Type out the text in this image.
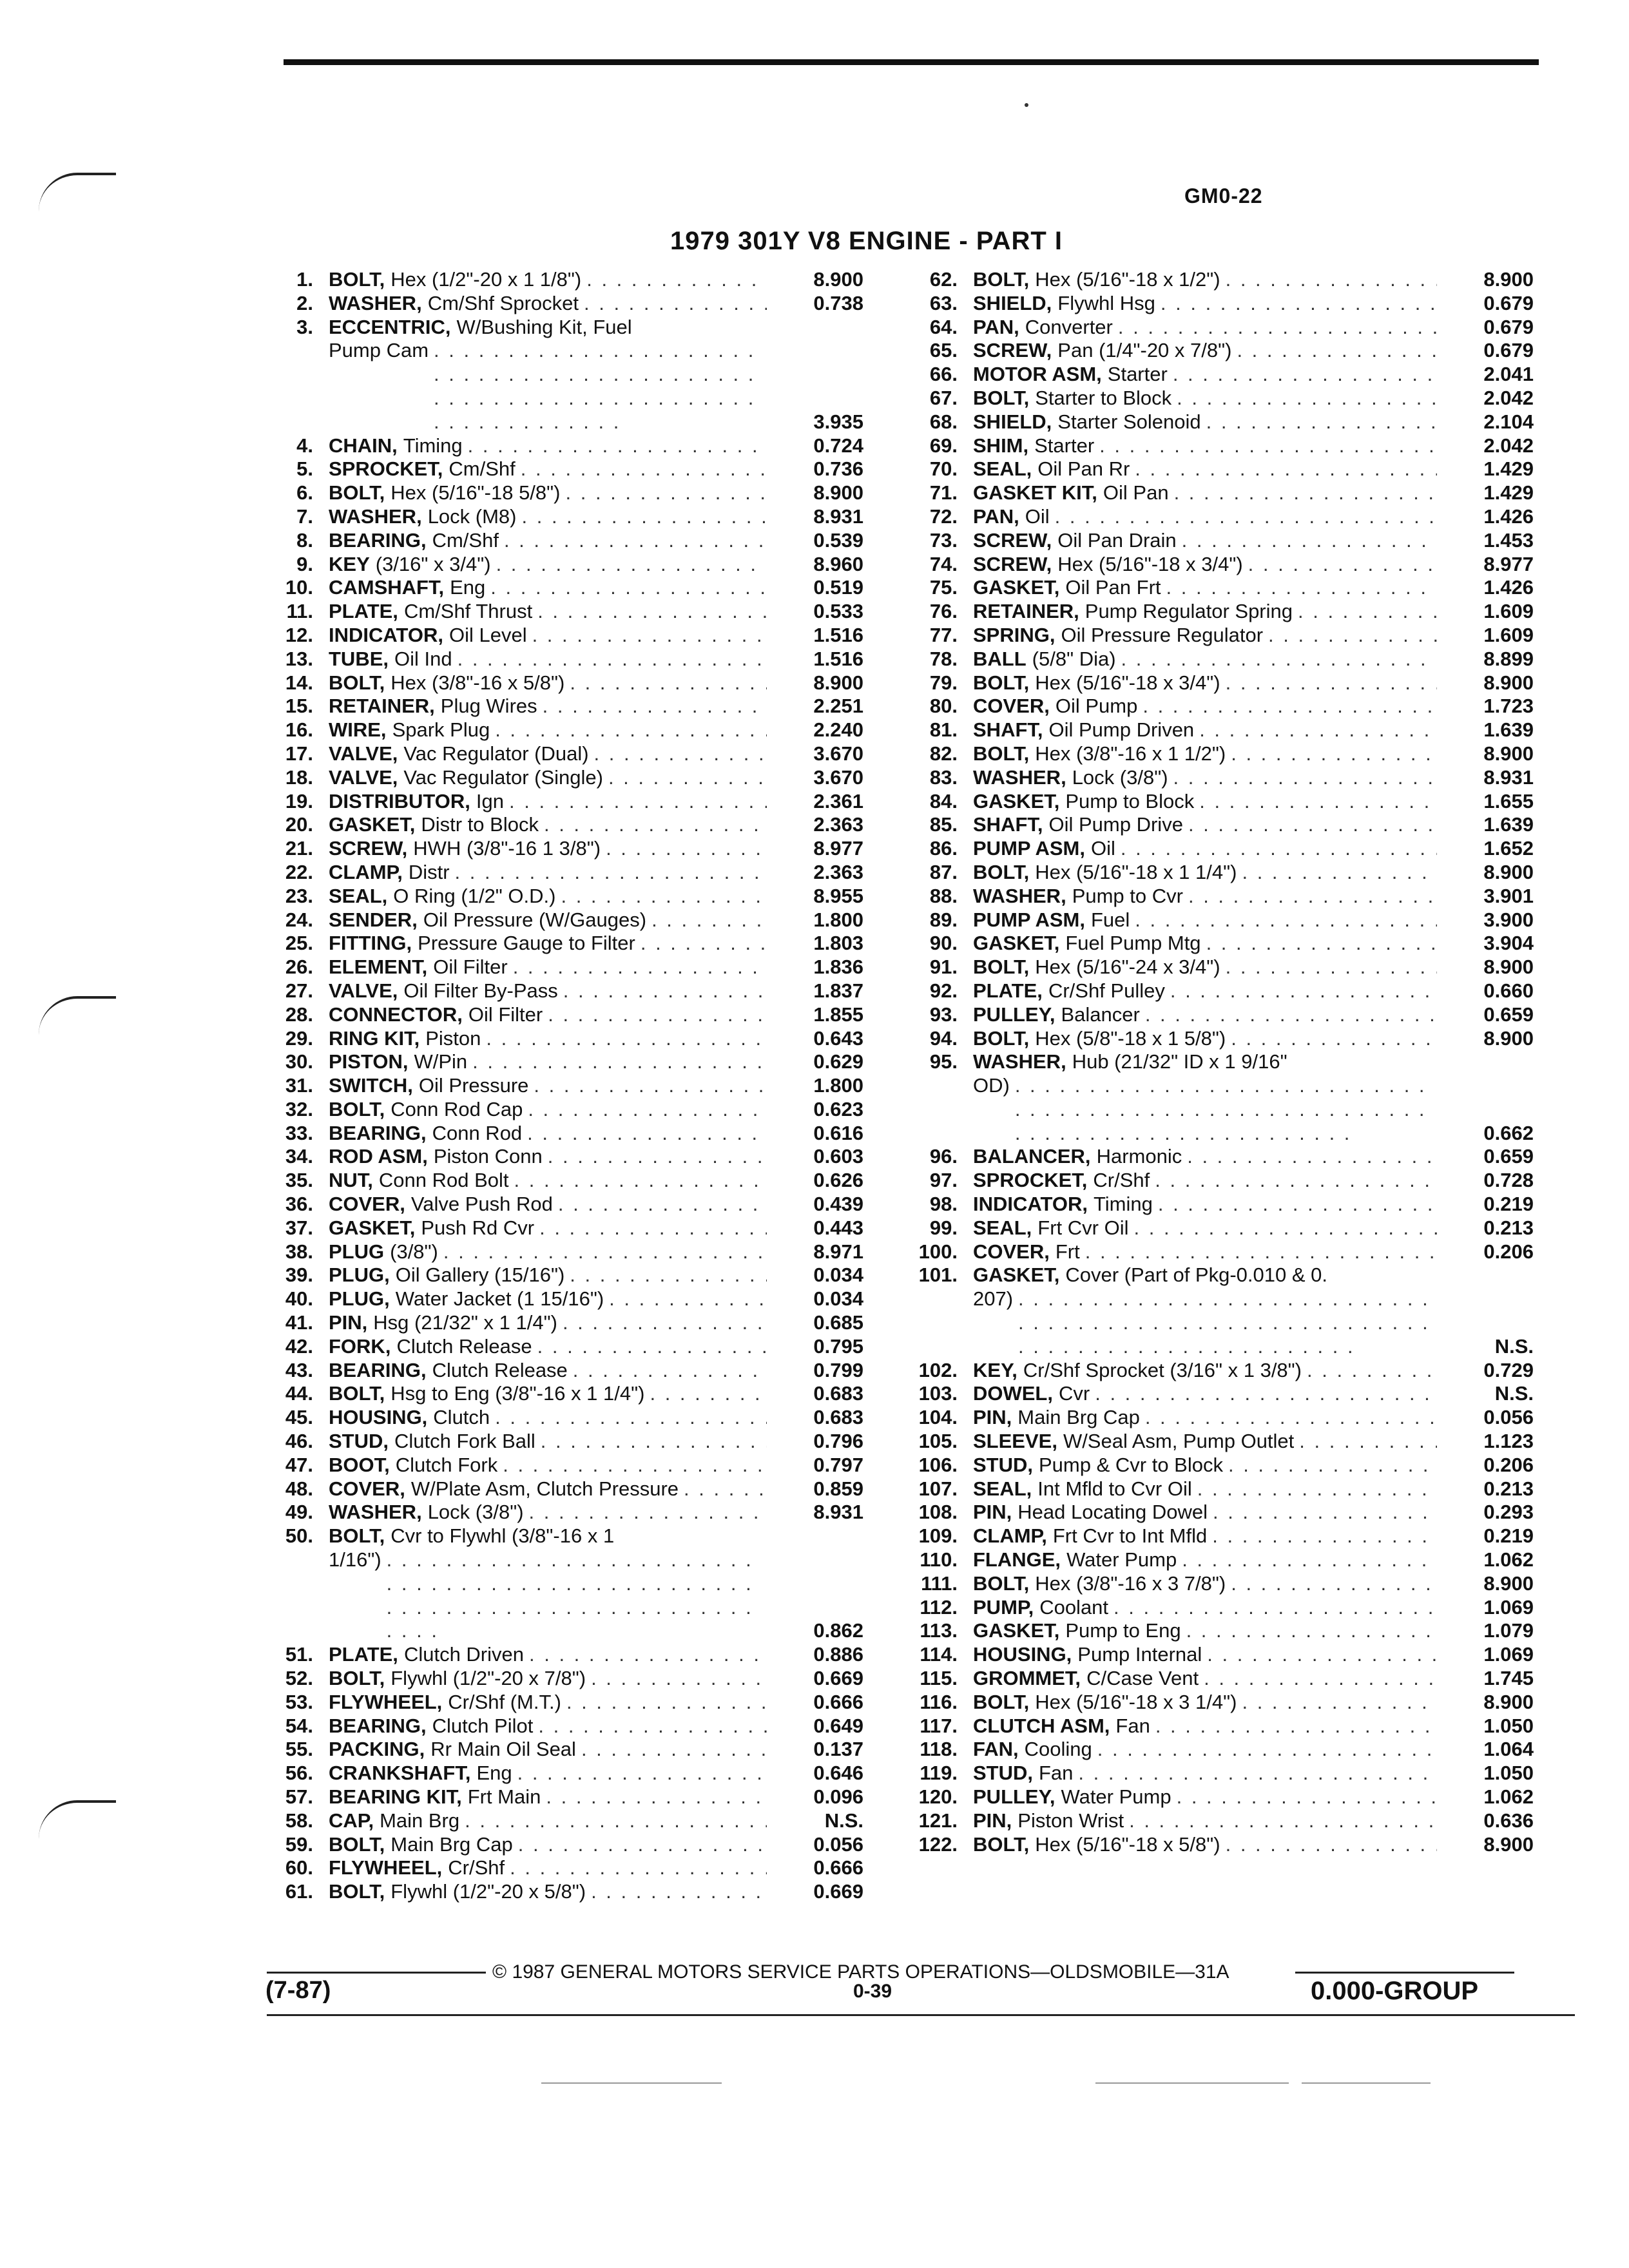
GM0-22
1979 301Y V8 ENGINE - PART I
1. BOLT, Hex (1/2"-20 x 1 1/8") . . .	8.900
2. WASHER, Cm/Shf Sprocket . . .	0.738
3. ECCENTRIC, W/Bushing Kit, Fuel
Pump Cam
. . .
3.935
4. CHAIN, Timing . . .	0.724
5. SPROCKET, Cm/Shf . . .	0.736
6. BOLT, Hex (5/16"-18 5/8") . . .	8.900
7. WASHER, Lock (M8) . . .	8.931
8. BEARING, Cm/Shf . . .	0.539
9. KEY (3/16" x 3/4") . . .	8.960
10. CAMSHAFT, Eng . . .	0.519
11. PLATE, Cm/Shf Thrust . . .	0.533
12. INDICATOR, Oil Level . . .	1.516
13. TUBE, Oil Ind . . .	1.516
14. BOLT, Hex (3/8"-16 x 5/8") . . .	8.900
15. RETAINER, Plug Wires . . .	2.251
16. WIRE, Spark Plug . . .	2.240
17. VALVE, Vac Regulator (Dual) . . .	3.670
18. VALVE, Vac Regulator (Single) . . .	3.670
19. DISTRIBUTOR, Ign . . .	2.361
20. GASKET, Distr to Block . . .	2.363
21. SCREW, HWH (3/8"-16 1 3/8") . . .	8.977
22. CLAMP, Distr . . .	2.363
23. SEAL, O Ring (1/2" O.D.) . . .	8.955
24. SENDER, Oil Pressure (W/Gauges) . . .	1.800
25. FITTING, Pressure Gauge to Filter . . .	1.803
26. ELEMENT, Oil Filter . . .	1.836
27. VALVE, Oil Filter By-Pass . . .	1.837
28. CONNECTOR, Oil Filter . . .	1.855
29. RING KIT, Piston . . .	0.643
30. PISTON, W/Pin . . .	0.629
31. SWITCH, Oil Pressure . . .	1.800
32. BOLT, Conn Rod Cap . . .	0.623
33. BEARING, Conn Rod . . .	0.616
34. ROD ASM, Piston Conn . . .	0.603
35. NUT, Conn Rod Bolt . . .	0.626
36. COVER, Valve Push Rod . . .	0.439
37. GASKET, Push Rd Cvr . . .	0.443
38. PLUG (3/8") . . .	8.971
39. PLUG, Oil Gallery (15/16") . . .	0.034
40. PLUG, Water Jacket (1 15/16") . . .	0.034
41. PIN, Hsg (21/32" x 1 1/4") . . .	0.685
42. FORK, Clutch Release . . .	0.795
43. BEARING, Clutch Release . . .	0.799
44. BOLT, Hsg to Eng (3/8"-16 x 1 1/4") . . .	0.683
45. HOUSING, Clutch . . .	0.683
46. STUD, Clutch Fork Ball . . .	0.796
47. BOOT, Clutch Fork . . .	0.797
48. COVER, W/Plate Asm, Clutch Pressure . . .	0.859
49. WASHER, Lock (3/8") . . .	8.931
50. BOLT, Cvr to Flywhl (3/8"-16 x 1
1/16")
. . .
0.862
51. PLATE, Clutch Driven . . .	0.886
52. BOLT, Flywhl (1/2"-20 x 7/8") . . .	0.669
53. FLYWHEEL, Cr/Shf (M.T.) . . .	0.666
54. BEARING, Clutch Pilot . . .	0.649
55. PACKING, Rr Main Oil Seal . . .	0.137
56. CRANKSHAFT, Eng . . .	0.646
57. BEARING KIT, Frt Main . . .	0.096
58. CAP, Main Brg . . .	N.S.
59. BOLT, Main Brg Cap . . .	0.056
60. FLYWHEEL, Cr/Shf . . .	0.666
61. BOLT, Flywhl (1/2"-20 x 5/8") . . .	0.669
62. BOLT, Hex (5/16"-18 x 1/2") . . .	8.900
63. SHIELD, Flywhl Hsg . . .	0.679
64. PAN, Converter . . .	0.679
65. SCREW, Pan (1/4"-20 x 7/8") . . .	0.679
66. MOTOR ASM, Starter . . .	2.041
67. BOLT, Starter to Block . . .	2.042
68. SHIELD, Starter Solenoid . . .	2.104
69. SHIM, Starter . . .	2.042
70. SEAL, Oil Pan Rr . . .	1.429
71. GASKET KIT, Oil Pan . . .	1.429
72. PAN, Oil . . .	1.426
73. SCREW, Oil Pan Drain . . .	1.453
74. SCREW, Hex (5/16"-18 x 3/4") . . .	8.977
75. GASKET, Oil Pan Frt . . .	1.426
76. RETAINER, Pump Regulator Spring . . .	1.609
77. SPRING, Oil Pressure Regulator . . .	1.609
78. BALL (5/8" Dia) . . .	8.899
79. BOLT, Hex (5/16"-18 x 3/4") . . .	8.900
80. COVER, Oil Pump . . .	1.723
81. SHAFT, Oil Pump Driven . . .	1.639
82. BOLT, Hex (3/8"-16 x 1 1/2") . . .	8.900
83. WASHER, Lock (3/8") . . .	8.931
84. GASKET, Pump to Block . . .	1.655
85. SHAFT, Oil Pump Drive . . .	1.639
86. PUMP ASM, Oil . . .	1.652
87. BOLT, Hex (5/16"-18 x 1 1/4") . . .	8.900
88. WASHER, Pump to Cvr . . .	3.901
89. PUMP ASM, Fuel . . .	3.900
90. GASKET, Fuel Pump Mtg . . .	3.904
91. BOLT, Hex (5/16"-24 x 3/4") . . .	8.900
92. PLATE, Cr/Shf Pulley . . .	0.660
93. PULLEY, Balancer . . .	0.659
94. BOLT, Hex (5/8"-18 x 1 5/8") . . .	8.900
95. WASHER, Hub (21/32" ID x 1 9/16"
OD)
. . .
0.662
96. BALANCER, Harmonic . . .	0.659
97. SPROCKET, Cr/Shf . . .	0.728
98. INDICATOR, Timing . . .	0.219
99. SEAL, Frt Cvr Oil . . .	0.213
100. COVER, Frt . . .	0.206
101. GASKET, Cover (Part of Pkg-0.010 & 0.
207)
. . .
N.S.
102. KEY, Cr/Shf Sprocket (3/16" x 1 3/8") . . .	0.729
103. DOWEL, Cvr . . .	N.S.
104. PIN, Main Brg Cap . . .	0.056
105. SLEEVE, W/Seal Asm, Pump Outlet . . .	1.123
106. STUD, Pump & Cvr to Block . . .	0.206
107. SEAL, Int Mfld to Cvr Oil . . .	0.213
108. PIN, Head Locating Dowel . . .	0.293
109. CLAMP, Frt Cvr to Int Mfld . . .	0.219
110. FLANGE, Water Pump . . .	1.062
111. BOLT, Hex (3/8"-16 x 3 7/8") . . .	8.900
112. PUMP, Coolant . . .	1.069
113. GASKET, Pump to Eng . . .	1.079
114. HOUSING, Pump Internal . . .	1.069
115. GROMMET, C/Case Vent . . .	1.745
116. BOLT, Hex (5/16"-18 x 3 1/4") . . .	8.900
117. CLUTCH ASM, Fan . . .	1.050
118. FAN, Cooling . . .	1.064
119. STUD, Fan . . .	1.050
120. PULLEY, Water Pump . . .	1.062
121. PIN, Piston Wrist . . .	0.636
122. BOLT, Hex (5/16"-18 x 5/8") . . .	8.900
© 1987 GENERAL MOTORS SERVICE PARTS OPERATIONS—OLDSMOBILE—31A
(7-87)	0-39	0.000-GROUP
